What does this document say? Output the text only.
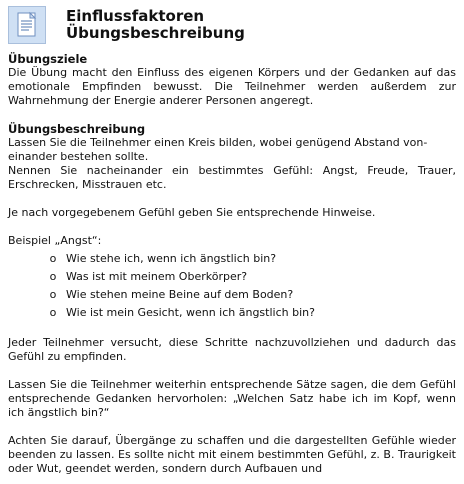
Einflussfaktoren
Übungsbeschreibung
Übungsziele

Die Übung macht den Einfluss des eigenen Körpers und der Gedanken auf das emotionale Empfinden bewusst. Die Teilnehmer werden außerdem zur Wahrnehmung der Energie anderer Personen angeregt.

Übungsbeschreibung

Lassen Sie die Teilnehmer einen Kreis bilden, wobei genügend Abstand von-

einander bestehen sollte.

Nennen Sie nacheinander ein bestimmtes Gefühl: Angst, Freude, Trauer, Erschrecken, Misstrauen etc.

Je nach vorgegebenem Gefühl geben Sie entsprechende Hinweise.

Beispiel „Angst“:

o Wie stehe ich, wenn ich ängstlich bin?
o Was ist mit meinem Oberkörper?
o Wie stehen meine Beine auf dem Boden?
o Wie ist mein Gesicht, wenn ich ängstlich bin?

Jeder Teilnehmer versucht, diese Schritte nachzuvollziehen und dadurch das Gefühl zu empfinden.

Lassen Sie die Teilnehmer weiterhin entsprechende Sätze sagen, die dem Gefühl entsprechende Gedanken hervorholen: „Welchen Satz habe ich im Kopf, wenn ich ängstlich bin?“

Achten Sie darauf, Übergänge zu schaffen und die dargestellten Gefühle wieder beenden zu lassen. Es sollte nicht mit einem bestimmten Gefühl, z. B. Traurigkeit oder Wut, geendet werden, sondern durch Aufbauen und
